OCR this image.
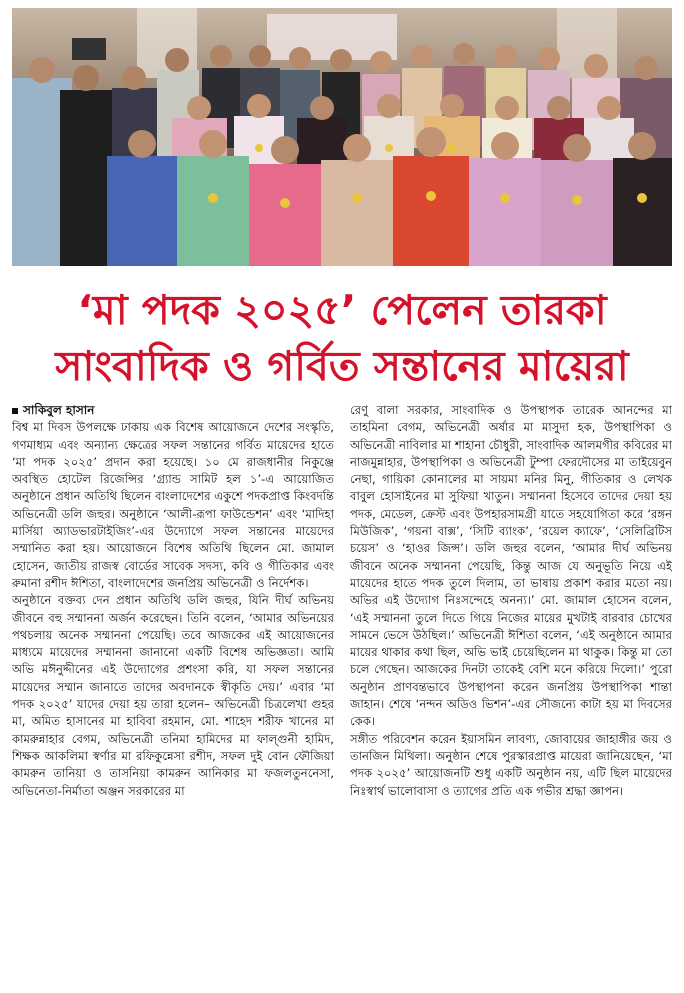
‘মা পদক ২০২৫’ পেলেন তারকা
সাংবাদিক ও গর্বিত সন্তানের মায়েরা

সাকিবুল হাসান

বিশ্ব মা দিবস উপলক্ষে ঢাকায় এক বিশেষ আয়োজনে দেশের সংস্কৃতি, গণমাধ্যম এবং অন্যান্য ক্ষেত্রের সফল সন্তানের গর্বিত মায়েদের হাতে ‘মা পদক ২০২৫’ প্রদান করা হয়েছে। ১০ মে রাজধানীর নিকুঞ্জে অবস্থিত হোটেল রিজেন্সির ‘গ্র্যান্ড সামিট হল ১’-এ আয়োজিত অনুষ্ঠানে প্রধান অতিথি ছিলেন বাংলাদেশের একুশে পদকপ্রাপ্ত কিংবদন্তি অভিনেত্রী ডলি জহুর। অনুষ্ঠানে ‘আলী-রূপা ফাউন্ডেশন’ এবং ‘মাদিহা মার্সিয়া অ্যাডভারটাইজিং’-এর উদ্যোগে সফল সন্তানের মায়েদের সম্মানিত করা হয়। আয়োজনে বিশেষ অতিথি ছিলেন মো. জামাল হোসেন, জাতীয় রাজস্ব বোর্ডের সাবেক সদস্য, কবি ও গীতিকার এবং রুমানা রশীদ ঈশিতা, বাংলাদেশের জনপ্রিয় অভিনেত্রী ও নির্দেশক।

অনুষ্ঠানে বক্তব্য দেন প্রধান অতিথি ডলি জহুর, যিনি দীর্ঘ অভিনয় জীবনে বহু সম্মাননা অর্জন করেছেন। তিনি বলেন, ‘আমার অভিনয়ের পথচলায় অনেক সম্মাননা পেয়েছি। তবে আজকের এই আয়োজনের মাধ্যমে মায়েদের সম্মাননা জানানো একটি বিশেষ অভিজ্ঞতা। আমি অভি মঈনুদ্দীনের এই উদ্যোগের প্রশংসা করি, যা সফল সন্তানের মায়েদের সম্মান জানাতে তাদের অবদানকে স্বীকৃতি দেয়।’ এবার ‘মা পদক ২০২৫’ যাদের দেয়া হয় তারা হলেন– অভিনেত্রী চিত্রলেখা গুহর মা, অমিত হাসানের মা হাবিবা রহমান, মো. শাহেদ শরীফ খানের মা কামরুন্নাহার বেগম, অভিনেত্রী তনিমা হামিদের মা ফাল্গুনী হামিদ, শিক্ষক আকলিমা স্বর্ণার মা রফিকুন্নেসা রশীদ, সফল দুই বোন ফৌজিয়া কামরুন তানিয়া ও তাসনিয়া কামরুন আনিকার মা ফজলতুননেসা, অভিনেতা-নির্মাতা অঞ্জন সরকারের মা

রেণু বালা সরকার, সাংবাদিক ও উপস্থাপক তারেক আনন্দের মা তাহমিনা বেগম, অভিনেত্রী অর্ষার মা মাসুদা হক, উপস্থাপিকা ও অভিনেত্রী নাবিলার মা শাহানা চৌধুরী, সাংবাদিক আলমগীর কবিরের মা নাজমুন্নাহার, উপস্থাপিকা ও অভিনেত্রী টুম্পা ফেরদৌসের মা তাইয়েবুন নেছা, গায়িকা কোনালের মা সায়মা মনির মিনু, গীতিকার ও লেখক বাবুল হোসাইনের মা সুফিয়া খাতুন। সম্মাননা হিসেবে তাদের দেয়া হয় পদক, মেডেল, ক্রেস্ট এবং উপহারসামগ্রী যাতে সহযোগিতা করে ‘রঙ্গন মিউজিক’, ‘গয়না বাক্স’, ‘সিটি ব্যাংক’, ‘রয়েল ক্যাফে’, ‘সেলিব্রিটিস চয়েস’ ও ‘হাওর জিন্স’। ডলি জহুর বলেন, ‘আমার দীর্ঘ অভিনয় জীবনে অনেক সম্মাননা পেয়েছি, কিন্তু আজ যে অনুভূতি নিয়ে এই মায়েদের হাতে পদক তুলে দিলাম, তা ভাষায় প্রকাশ করার মতো নয়। অভির এই উদ্যোগ নিঃসন্দেহে অনন্য।’ মো. জামাল হোসেন বলেন, ‘এই সম্মাননা তুলে দিতে গিয়ে নিজের মায়ের মুখটাই বারবার চোখের সামনে ভেসে উঠছিল।’ অভিনেত্রী ঈশিতা বলেন, ‘এই অনুষ্ঠানে আমার মায়ের থাকার কথা ছিল, অভি ভাই চেয়েছিলেন মা থাকুক। কিন্তু মা তো চলে গেছেন। আজকের দিনটা তাকেই বেশি মনে করিয়ে দিলো।’ পুরো অনুষ্ঠান প্রাণবন্তভাবে উপস্থাপনা করেন জনপ্রিয় উপস্থাপিকা শান্তা জাহান। শেষে ‘নন্দন অডিও ভিশন’-এর সৌজন্যে কাটা হয় মা দিবসের কেক।

সঙ্গীত পরিবেশন করেন ইয়াসমিন লাবণ্য, জোবায়ের জাহাঙ্গীর জয় ও তানজিন মিথিলা। অনুষ্ঠান শেষে পুরস্কারপ্রাপ্ত মায়েরা জানিয়েছেন, ‘মা পদক ২০২৫’ আয়োজনটি শুধু একটি অনুষ্ঠান নয়, এটি ছিল মায়েদের নিঃস্বার্থ ভালোবাসা ও ত্যাগের প্রতি এক গভীর শ্রদ্ধা জ্ঞাপন।
